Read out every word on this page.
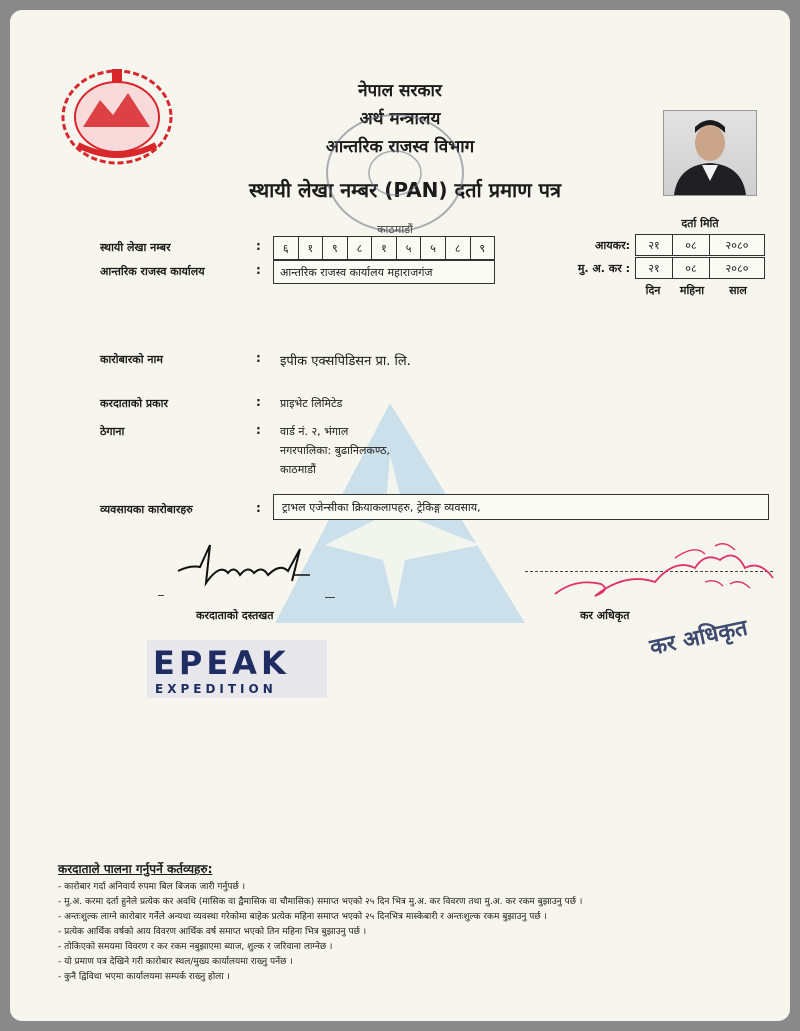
नेपाल सरकार
अर्थ मन्त्रालय
आन्तरिक राजस्व विभाग
स्थायी लेखा नम्बर (PAN) दर्ता प्रमाण पत्र
काठमाडौं
स्थायी लेखा नम्बर	:	६	१	९	८	१	५	५	८	९
आन्तरिक राजस्व कार्यालय	:	आन्तरिक राजस्व कार्यालय महाराजगंज
दर्ता मिति
आयकर:	२१	०८	२०८०
मु. अ. कर :	२१	०८	२०८०
दिन	महिना	साल
कारोबारको नाम	: इपीक एक्सपिडिसन प्रा. लि.
करदाताको प्रकार	: प्राइभेट लिमिटेड
ठेगाना	: वार्ड नं. २, भंगाल
नगरपालिका: बुढानिलकण्ठ,
काठमाडौं
व्यवसायका कारोबारहरु	:	ट्राभल एजेन्सीका क्रियाकलापहरु, ट्रेकिङ्ग व्यवसाय,
करदाताको दस्तखत	कर अधिकृत
कर अधिकृत
EPEAK
EXPEDITION
करदाताले पालना गर्नुपर्ने कर्तव्यहरु:
- कारोबार गर्दा अनिवार्य रुपमा बिल बिजक जारी गर्नुपर्छ ।
- मु.अ. करमा दर्ता हुनेले प्रत्येक कर अवधि (मासिक वा द्वैमासिक वा चौमासिक) समाप्त भएको २५ दिन भित्र मु.अ. कर विवरण तथा मु.अ. कर रकम बुझाउनु पर्छ ।
- अन्तःशुल्क लाग्ने कारोबार गर्नेले अन्यथा व्यवस्था गरेकोमा बाहेक प्रत्येक महिना समाप्त भएको २५ दिनभित्र मास्केबारी र अन्तःशुल्क रकम बुझाउनु पर्छ ।
- प्रत्येक आर्थिक वर्षको आय विवरण आर्थिक वर्ष समाप्त भएको तिन महिना भित्र बुझाउनु पर्छ ।
- तोकिएको समयमा विवरण र कर रकम नबुझाएमा ब्याज, शुल्क र जरिवाना लाग्नेछ ।
- यो प्रमाण पत्र देखिने गरी कारोबार स्थल/मुख्य कार्यालयमा राख्नु पर्नेछ ।
- कुनै द्विविधा भएमा कार्यालयमा सम्पर्क राख्नु होला ।
